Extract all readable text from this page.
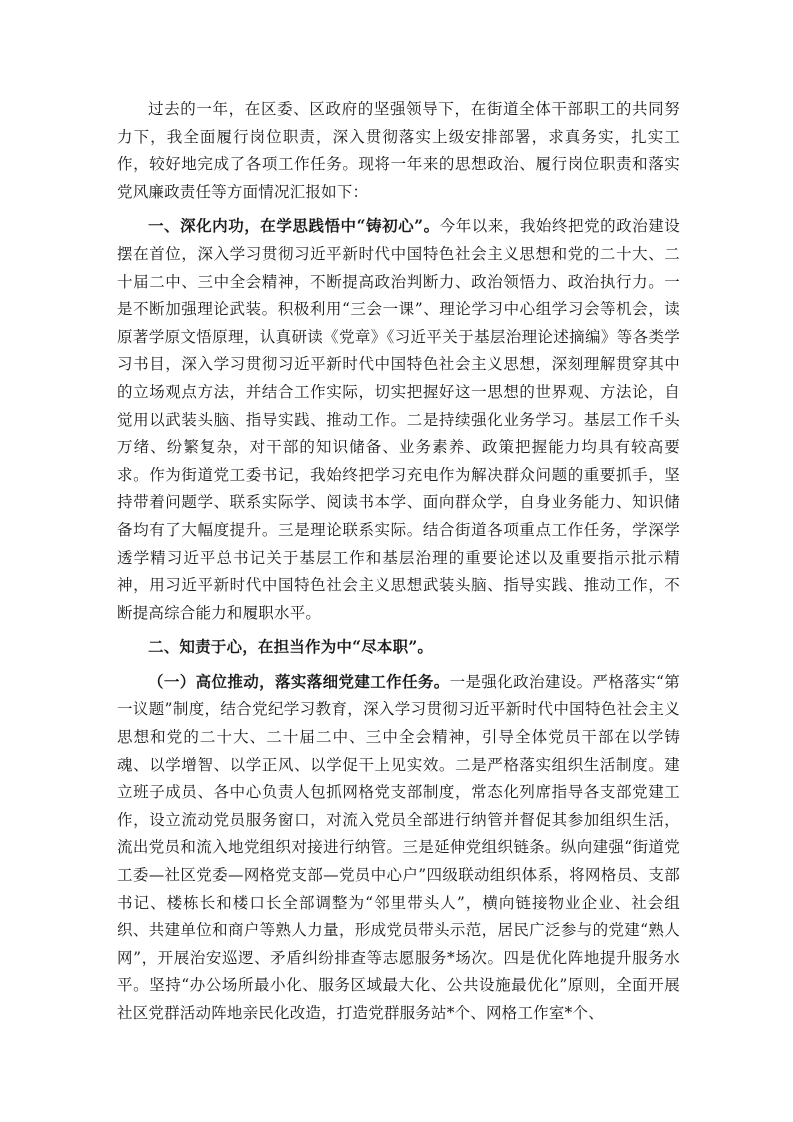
过去的一年，在区委、区政府的坚强领导下，在街道全体干部职工的共同努力下，我全面履行岗位职责，深入贯彻落实上级安排部署，求真务实，扎实工作，较好地完成了各项工作任务。现将一年来的思想政治、履行岗位职责和落实党风廉政责任等方面情况汇报如下：

一、深化内功，在学思践悟中“铸初心”。今年以来，我始终把党的政治建设摆在首位，深入学习贯彻习近平新时代中国特色社会主义思想和党的二十大、二十届二中、三中全会精神，不断提高政治判断力、政治领悟力、政治执行力。一是不断加强理论武装。积极利用“三会一课”、理论学习中心组学习会等机会，读原著学原文悟原理，认真研读《党章》《习近平关于基层治理论述摘编》等各类学习书目，深入学习贯彻习近平新时代中国特色社会主义思想，深刻理解贯穿其中的立场观点方法，并结合工作实际，切实把握好这一思想的世界观、方法论，自觉用以武装头脑、指导实践、推动工作。二是持续强化业务学习。基层工作千头万绪、纷繁复杂，对干部的知识储备、业务素养、政策把握能力均具有较高要求。作为街道党工委书记，我始终把学习充电作为解决群众问题的重要抓手，坚持带着问题学、联系实际学、阅读书本学、面向群众学，自身业务能力、知识储备均有了大幅度提升。三是理论联系实际。结合街道各项重点工作任务，学深学透学精习近平总书记关于基层工作和基层治理的重要论述以及重要指示批示精神，用习近平新时代中国特色社会主义思想武装头脑、指导实践、推动工作，不断提高综合能力和履职水平。

二、知责于心，在担当作为中“尽本职”。

（一）高位推动，落实落细党建工作任务。一是强化政治建设。严格落实“第一议题”制度，结合党纪学习教育，深入学习贯彻习近平新时代中国特色社会主义思想和党的二十大、二十届二中、三中全会精神，引导全体党员干部在以学铸魂、以学增智、以学正风、以学促干上见实效。二是严格落实组织生活制度。建立班子成员、各中心负责人包抓网格党支部制度，常态化列席指导各支部党建工作，设立流动党员服务窗口，对流入党员全部进行纳管并督促其参加组织生活，流出党员和流入地党组织对接进行纳管。三是延伸党组织链条。纵向建强“街道党工委—社区党委—网格党支部—党员中心户”四级联动组织体系，将网格员、支部书记、楼栋长和楼口长全部调整为“邻里带头人”，横向链接物业企业、社会组织、共建单位和商户等熟人力量，形成党员带头示范，居民广泛参与的党建“熟人网”，开展治安巡逻、矛盾纠纷排查等志愿服务*场次。四是优化阵地提升服务水平。坚持“办公场所最小化、服务区域最大化、公共设施最优化”原则，全面开展社区党群活动阵地亲民化改造，打造党群服务站*个、网格工作室*个、
